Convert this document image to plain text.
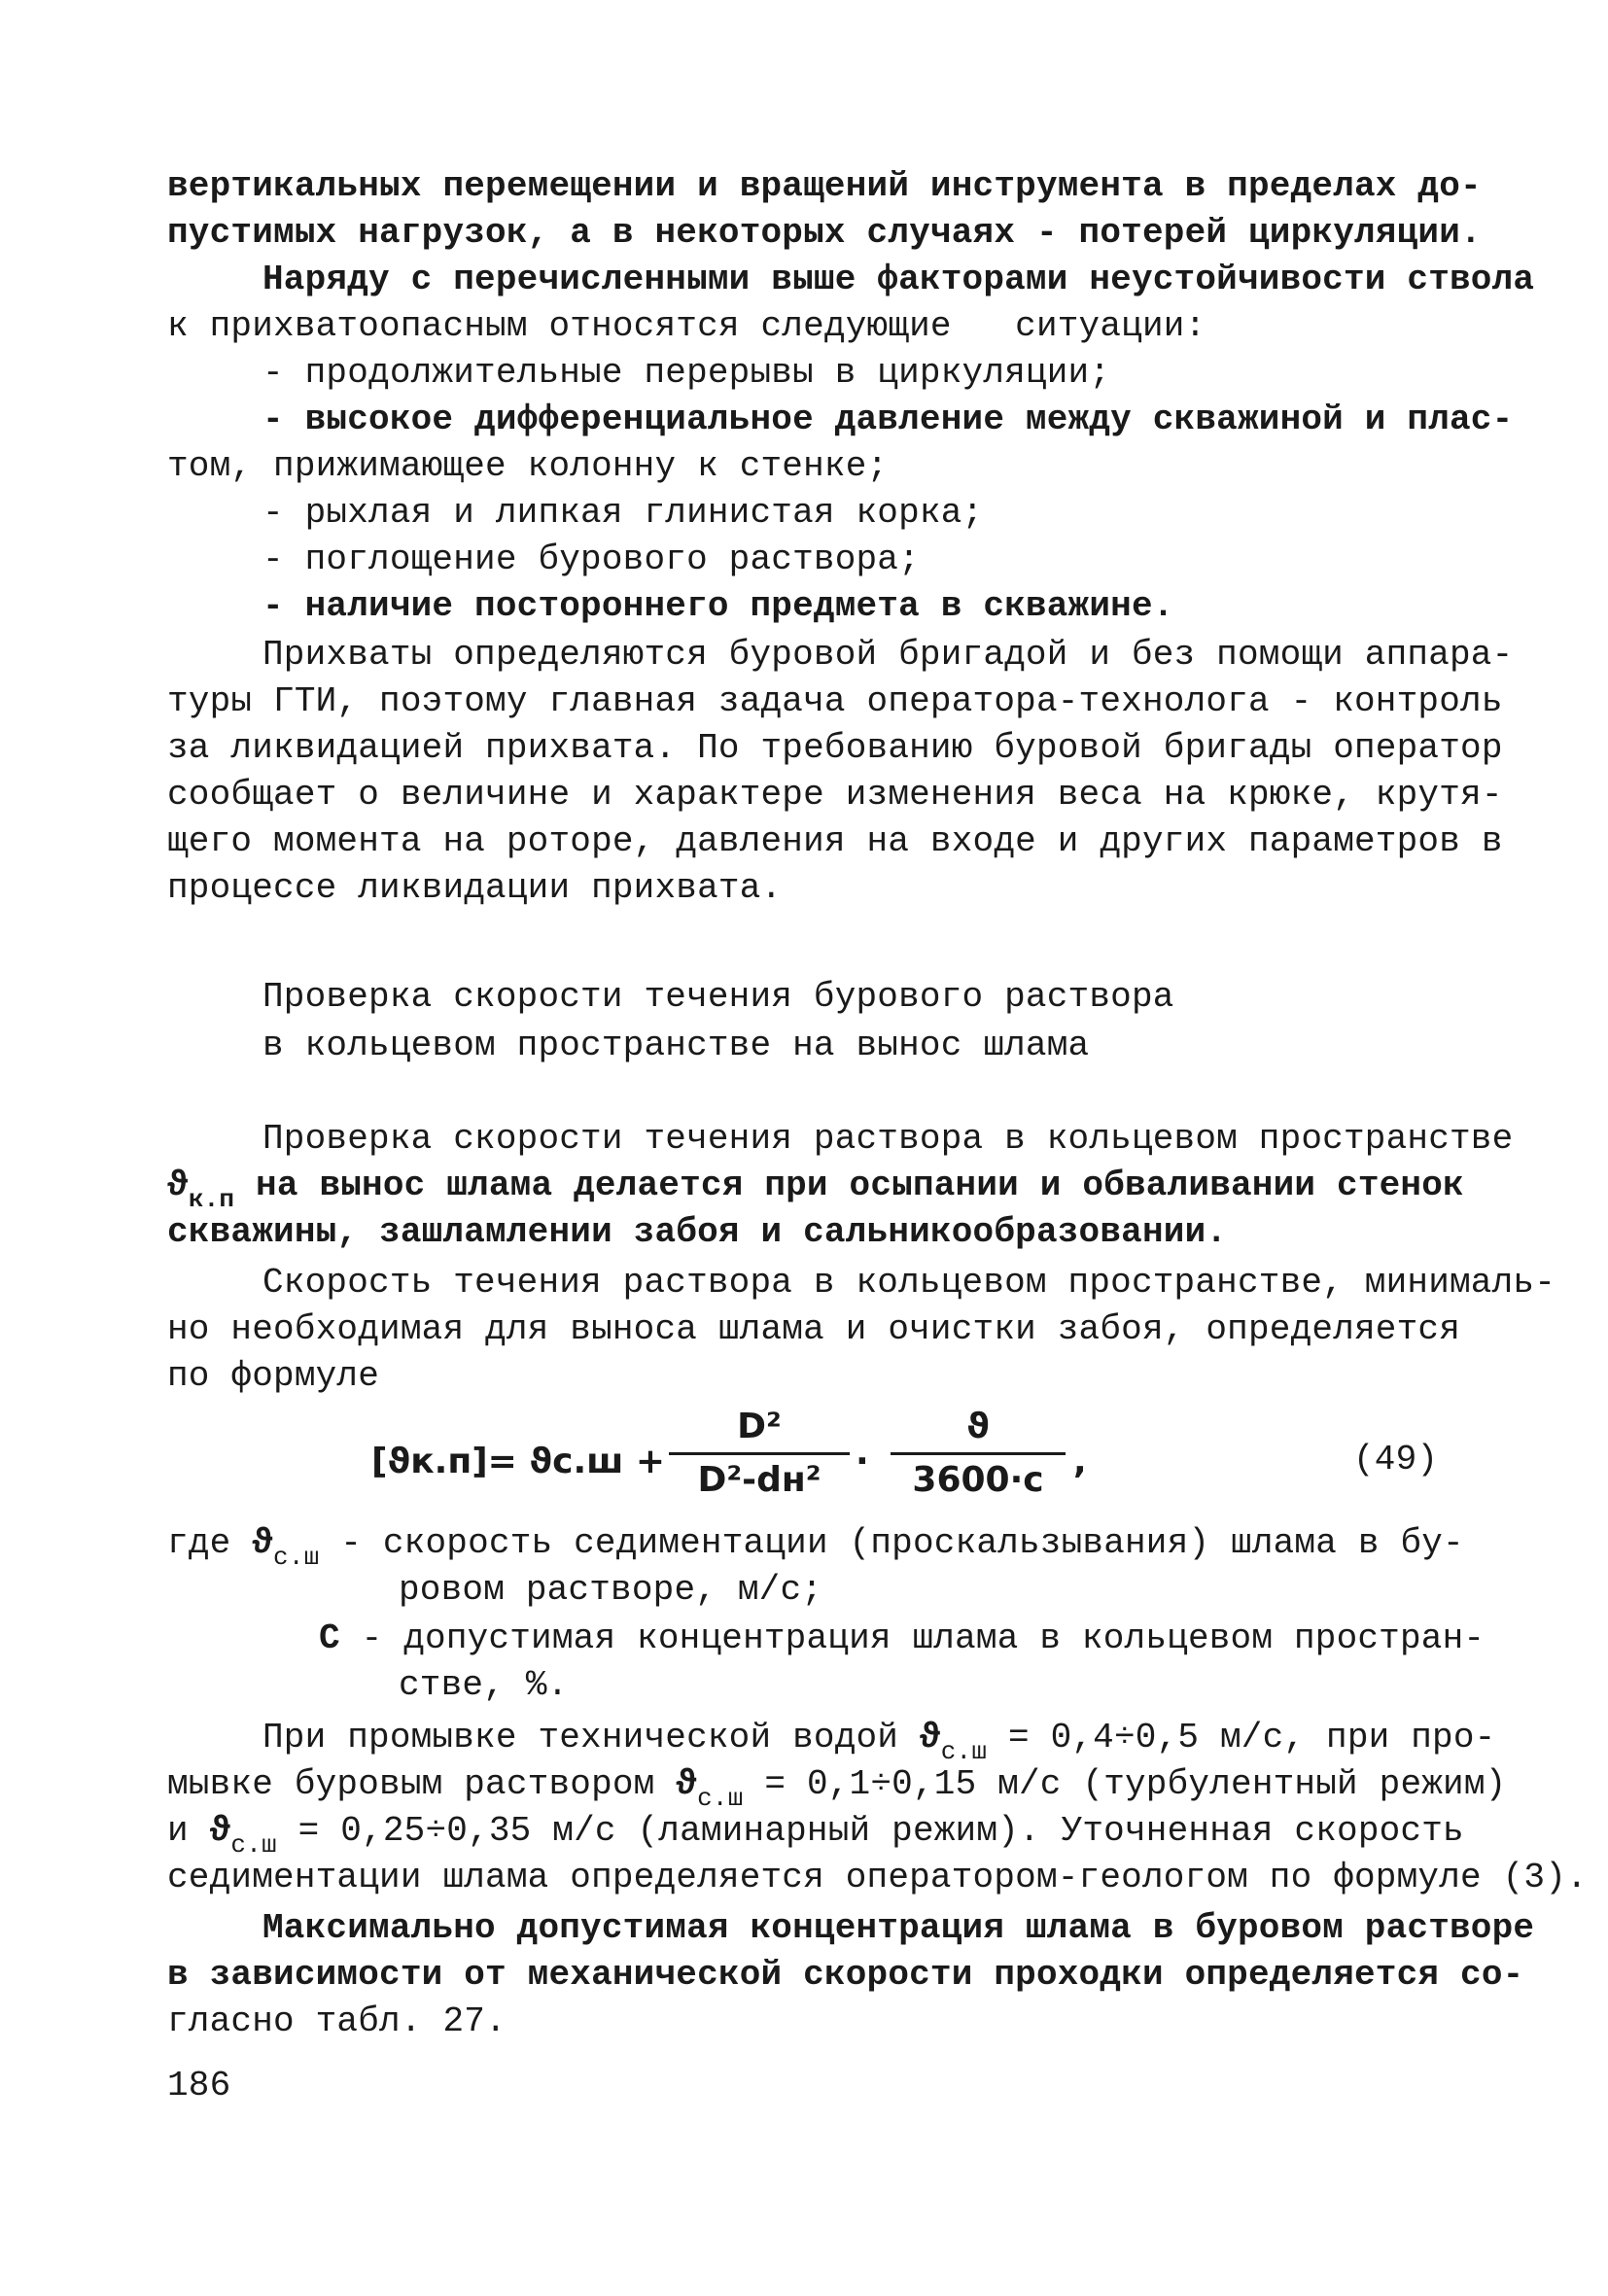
вертикальных перемещении и вращений инструмента в пределах до-
пустимых нагрузок, а в некоторых случаях - потерей циркуляции.
Наряду с перечисленными выше факторами неустойчивости ствола
к прихватоопасным относятся следующие   ситуации:
- продолжительные перерывы в циркуляции;
- высокое дифференциальное давление между скважиной и плас-
том, прижимающее колонну к стенке;
- рыхлая и липкая глинистая корка;
- поглощение бурового раствора;
- наличие постороннего предмета в скважине.
Прихваты определяются буровой бригадой и без помощи аппара-
туры ГТИ, поэтому главная задача оператора-технолога - контроль
за ликвидацией прихвата. По требованию буровой бригады оператор
сообщает о величине и характере изменения веса на крюке, крутя-
щего момента на роторе, давления на входе и других параметров в
процессе ликвидации прихвата.
Проверка скорости течения бурового раствора
в кольцевом пространстве на вынос шлама
Проверка скорости течения раствора в кольцевом пространстве
$ϑ_{к.п}$ на вынос шлама делается при осыпании и обваливании стенок
скважины, зашламлении забоя и сальникообразовании.
Скорость течения раствора в кольцевом пространстве, минималь-
но необходимая для выноса шлама и очистки забоя, определяется
по формуле
[ϑк.п]= ϑс.ш +
D²
D²-dн² ·
ϑ
3600·c ,	(49)
где $ϑ_{с.ш}$ - скорость седиментации (проскальзывания) шлама в бу-
ровом растворе, м/с;
С - допустимая концентрация шлама в кольцевом простран-
стве, %.
При промывке технической водой $ϑ_{с.ш} = 0,4\div 0,5$ м/с, при про-
мывке буровым раствором $ϑ_{с.ш} = 0,1\div 0,15$ м/с (турбулентный режим)
и $ϑ_{с.ш} = 0,25\div 0,35$ м/с (ламинарный режим). Уточненная скорость
седиментации шлама определяется оператором-геологом по формуле (3).
Максимально допустимая концентрация шлама в буровом растворе
в зависимости от механической скорости проходки определяется со-
гласно табл. 27.
186
